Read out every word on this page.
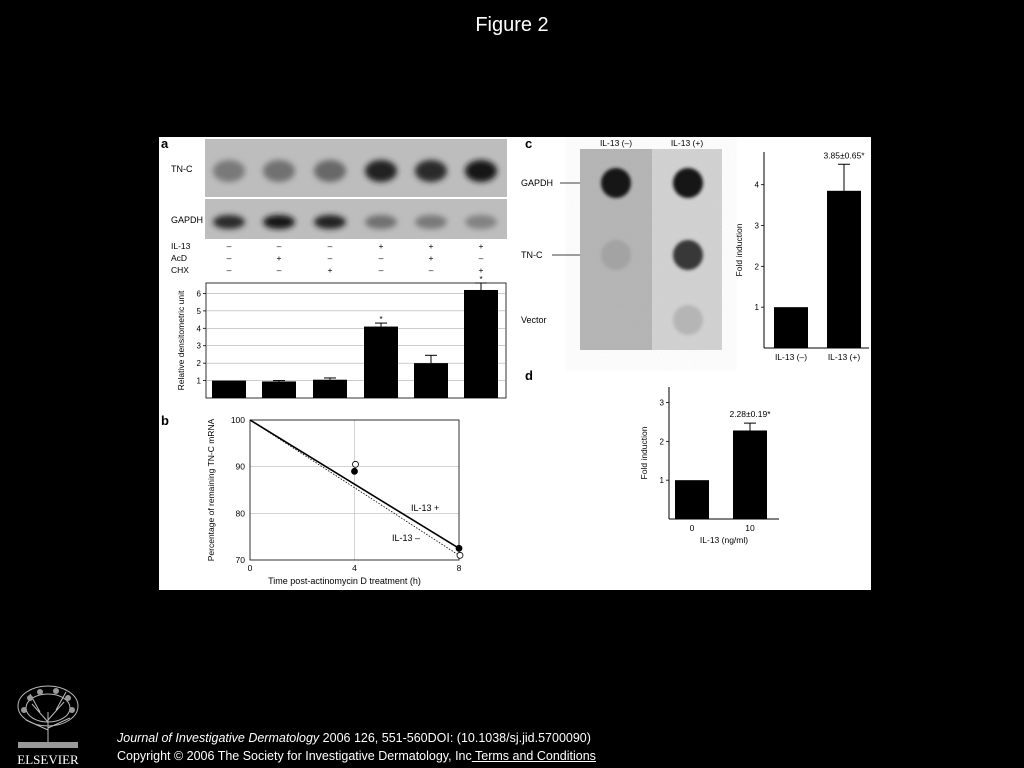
Figure 2
a
TN-C
GAPDH
IL-13	–	–	–	+	+	+
AcD	–	+	–	–	+	–
CHX	–	–	+	–	–	+
1
2
3
4
5
6
*
*
Relative densitometric unit
b
70
80
90
100
0	4	8
IL-13 +
IL-13 –
Time post-actinomycin D treatment (h)
Percentage of remaining TN-C mRNA
c	IL-13 (–)	IL-13 (+)
GAPDH
TN-C
Vector
1
2
3
4
IL-13 (–) IL-13 (+)
3.85±0.65*
Fold induction
d
1
2
3
0	10
2.28±0.19*
Fold induction
IL-13 (ng/ml)
ELSEVIER
Journal of Investigative Dermatology 2006 126, 551-560DOI: (10.1038/sj.jid.5700090)
Copyright © 2006 The Society for Investigative Dermatology, Inc Terms and Conditions
